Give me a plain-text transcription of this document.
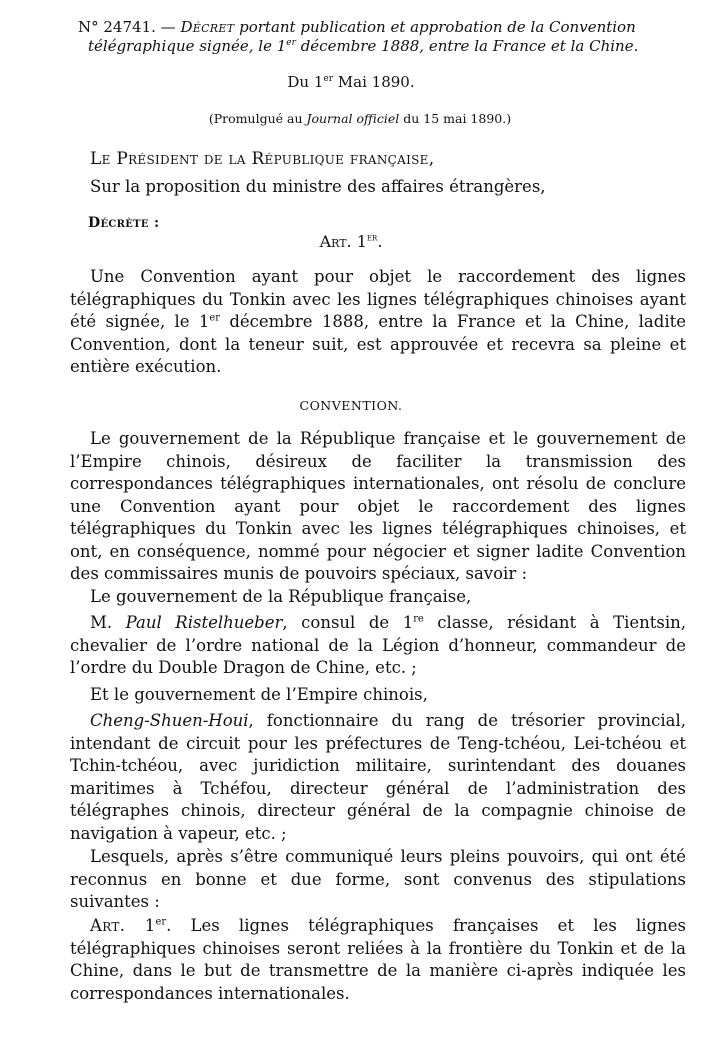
N° 24741. — Décret portant publication et approbation de la Convention
télégraphique signée, le 1er décembre 1888, entre la France et la Chine.
Du 1er Mai 1890.
(Promulgué au Journal officiel du 15 mai 1890.)
Le Président de la République française,
Sur la proposition du ministre des affaires étrangères,
Décrète :
Art. 1er.
Une Convention ayant pour objet le raccordement des lignes télégraphiques du Tonkin avec les lignes télégraphiques chinoises ayant été signée, le 1er décembre 1888, entre la France et la Chine, ladite Convention, dont la teneur suit, est approuvée et recevra sa pleine et entière exécution.
CONVENTION.
Le gouvernement de la République française et le gouvernement de l’Empire chinois, désireux de faciliter la transmission des correspondances télégraphiques internationales, ont résolu de conclure une Convention ayant pour objet le raccordement des lignes télégraphiques du Tonkin avec les lignes télégraphiques chinoises, et ont, en conséquence, nommé pour négocier et signer ladite Convention des commissaires munis de pouvoirs spéciaux, savoir :
Le gouvernement de la République française,
M. Paul Ristelhueber, consul de 1re classe, résidant à Tientsin, chevalier de l’ordre national de la Légion d’honneur, commandeur de l’ordre du Double Dragon de Chine, etc. ;
Et le gouvernement de l’Empire chinois,
Cheng-Shuen-Houi, fonctionnaire du rang de trésorier provincial, intendant de circuit pour les préfectures de Teng-tchéou, Lei-tchéou et Tchin-tchéou, avec juridiction militaire, surintendant des douanes maritimes à Tchéfou, directeur général de l’administration des télégraphes chinois, directeur général de la compagnie chinoise de navigation à vapeur, etc. ;
Lesquels, après s’être communiqué leurs pleins pouvoirs, qui ont été reconnus en bonne et due forme, sont convenus des stipulations suivantes :
Art. 1er. Les lignes télégraphiques françaises et les lignes télégraphiques chinoises seront reliées à la frontière du Tonkin et de la Chine, dans le but de transmettre de la manière ci-après indiquée les correspondances internationales.
